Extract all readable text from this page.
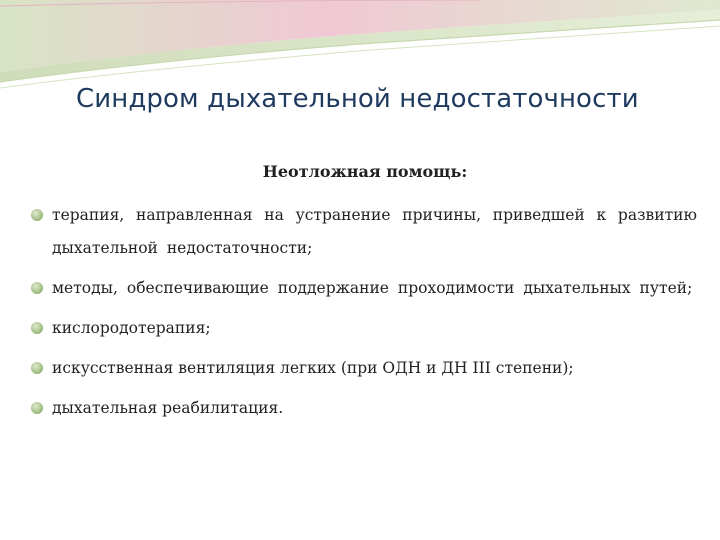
Синдром дыхательной недостаточности
Неотложная помощь:
терапия, направленная на устранение причины, приведшей к развитию дыхательной недостаточности;
методы, обеспечивающие поддержание проходимости дыхательных путей;
кислородотерапия;
искусственная вентиляция легких (при ОДН и ДН III степени);
дыхательная реабилитация.
